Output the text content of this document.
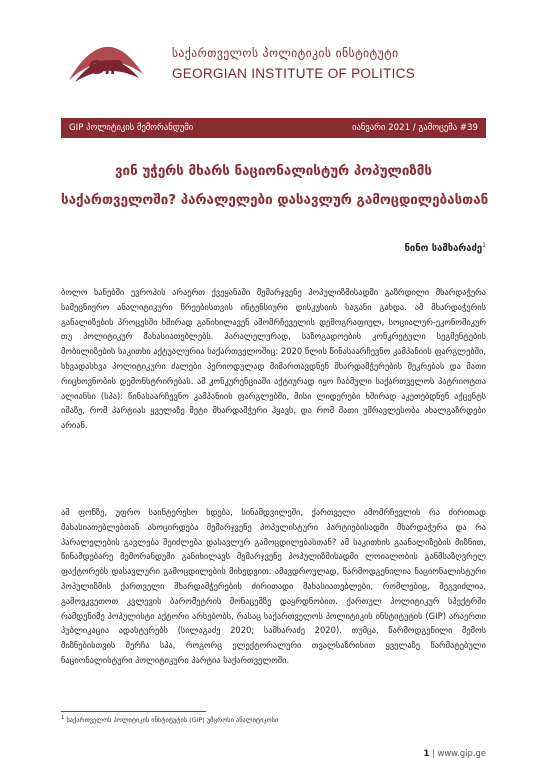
GIP
საქართველოს პოლიტიკის ინსტიტუტი
GEORGIAN INSTITUTE OF POLITICS
GIP პოლიტიკის მემორანდუმი	იანვარი 2021 / გამოცემა #39
ვინ უჭერს მხარს ნაციონალისტურ პოპულიზმს
საქართველოში? პარალელები დასავლურ გამოცდილებასთან
ნინო სამხარაძე$^1$
ბოლო ხანებში ევროპის არაერთ ქვეყანაში მემარჯვენე პოპულიზმისადმი გაზრდილი მხარდაჭერა სამეცნიერო ანალიტიკური წრეებისთვის ინტენსიური დისკუსიის საგანი გახდა. ამ მხარდაჭერის განალიზების პროცესში ხშირად განიხილავენ ამომრჩეველის დემოგრაფიულ, სოციალურ-ეკონომიკურ თუ პოლიტიკურ მახასიათებლებს. პარალელურად, საზოგადოების კონკრეტული სეგმენტების მობილიზების საკითხი აქტუალურია საქართველოშიც: 2020 წლის წინასაარჩევნო კამპანიის ფარგლებში, სხვადასხვა პოლიტიკური ძალები პერიოდულად მიმართავდნენ მხარდამჭერების შეკრებას და მათი რიცხოვნობის დემონსტრირებას. ამ კონკურენციაში აქტიურად იყო ჩაბმული საქართველოს პატრიოტთა ალიანსი (სპა): წინასაარჩევნო კამპანიის ფარგლებში, მისი ლიდერები ხშირად აკეთებდნენ აქცენტს იმაზე, რომ პარტიას ყველაზე მეტი მხარდამჭერი ჰყავს, და რომ მათი უმრავლესობა ახალგაზრდები არიან.
ამ ფონზე, უფრო საინტერესო ხდება, სინამდვილეში, ქართველი ამომრჩევლის რა ძირითად მახასიათებლებთან ასოცირდება მემარჯვენე პოპულისტური პარტიებისადმი მხარდაჭერა და რა პარალელების გავლება შეიძლება დასავლურ გამოცდილებასთან? ამ საკითხის გაანალიზების მიზნით, წინამდებარე მემორანდუმი განიხილავს მემარჯვენე პოპულიზმისადმი ლოიალობის განმსაზღვრელ ფაქტორებს დასავლური გამოცდილების მიხედვით. ამავდროულად, წარმოდგენილია ნაციონალისტური პოპულიზმის ქართველი მხარდამჭერების ძირითადი მახასიათებლები, რომლებიც, შეგვიძლია, გამოვკვეთოთ კვლევის ბარომეტრის მონაცემზე დაყრდნობით. ქართულ პოლიტიკურ სპექტრში რამდენიმე პოპულისტი აქტორი არსებობს, რასაც საქართველოს პოლიტიკის ინსტიტუტის (GIP) არაერთი პუბლიკაცია ადასტურებს (სილაგაძე 2020; სამხარაძე 2020). თუმცა, წარმოდგენილი მემოს მიზნებისთვის შერჩა სპა, როგორც ელექტორალური თვალსაზრისით ყველაზე წარმატებული ნაციონალისტური პოლიტიკური პარტია საქართველოში.
$^1$ საქართველოს პოლიტიკის ინსტიტუტის (GIP) უმცროსი ანალიტიკოსი
1 | www.gip.ge
